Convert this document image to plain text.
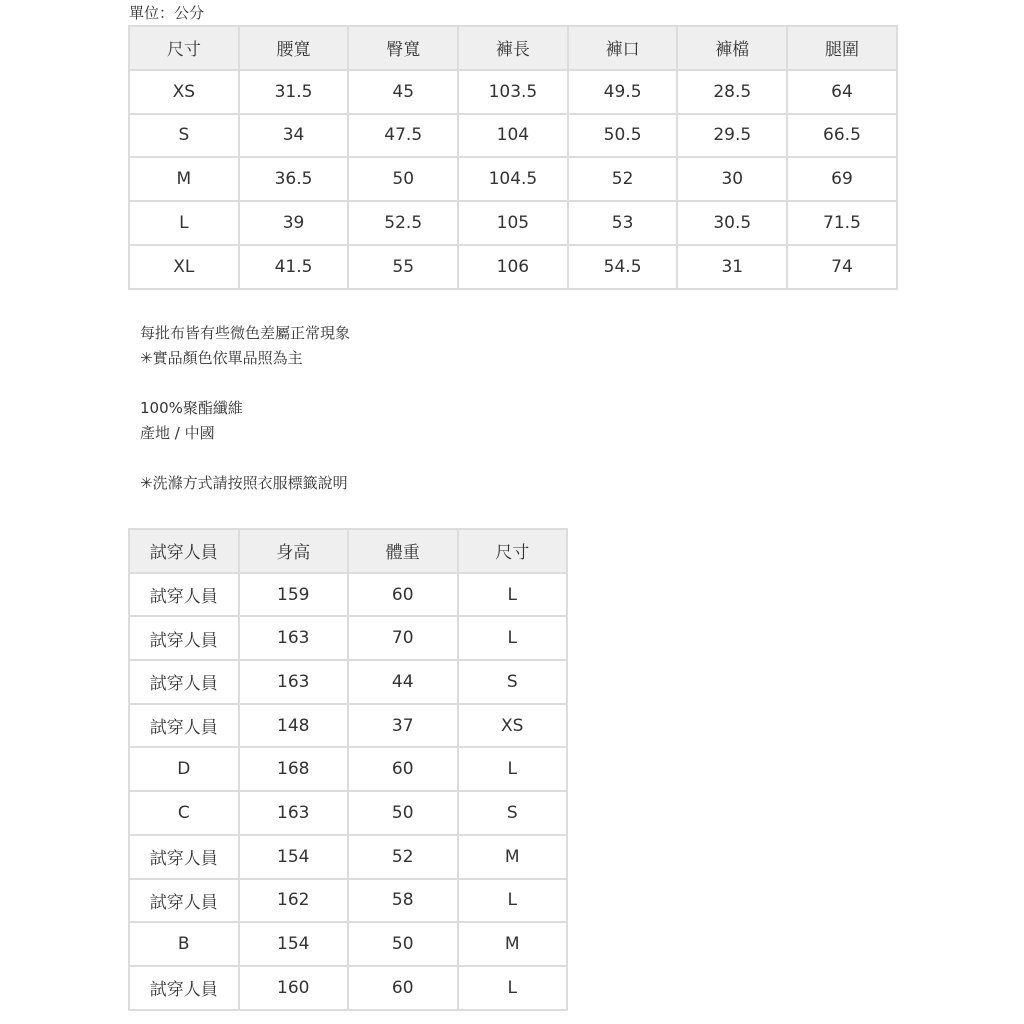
單位：公分
尺寸	腰寬	臀寬	褲長	褲口	褲檔	腿圍
XS	31.5	45	103.5	49.5	28.5	64
S	34	47.5	104	50.5	29.5	66.5
M	36.5	50	104.5	52	30	69
L	39	52.5	105	53	30.5	71.5
XL	41.5	55	106	54.5	31	74
每批布皆有些微色差屬正常現象
✳實品顏色依單品照為主
100%聚酯纖維
產地 / 中國
✳洗滌方式請按照衣服標籤說明
試穿人員	身高	體重	尺寸
試穿人員	159	60	L
試穿人員	163	70	L
試穿人員	163	44	S
試穿人員	148	37	XS
D	168	60	L
C	163	50	S
試穿人員	154	52	M
試穿人員	162	58	L
B	154	50	M
試穿人員	160	60	L
